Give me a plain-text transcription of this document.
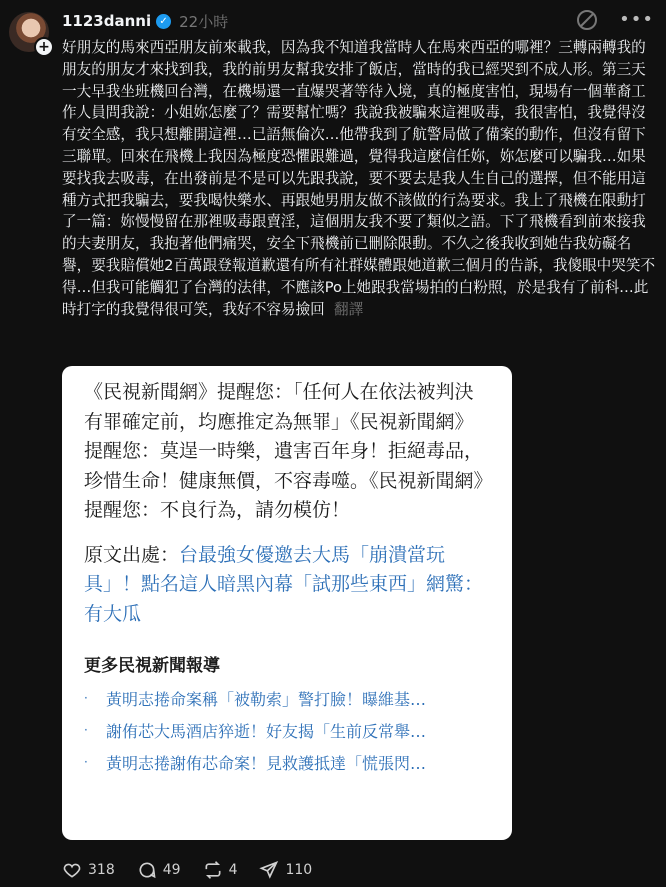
+
1123danni ✓ 22小時	•••
好朋友的馬來西亞朋友前來載我，因為我不知道我當時人在馬來西亞的哪裡？三轉兩轉我的朋友的朋友才來找到我，我的前男友幫我安排了飯店，當時的我已經哭到不成人形。第三天一大早我坐班機回台灣，在機場還一直爆哭著等待入境，真的極度害怕，現場有一個華裔工作人員問我說：小姐妳怎麼了？需要幫忙嗎？我說我被騙來這裡吸毒，我很害怕，我覺得沒有安全感，我只想離開這裡…已語無倫次…他帶我到了航警局做了備案的動作，但沒有留下三聯單。回來在飛機上我因為極度恐懼跟難過，覺得我這麼信任妳，妳怎麼可以騙我…如果要找我去吸毒，在出發前是不是可以先跟我說，要不要去是我人生自己的選擇，但不能用這種方式把我騙去，要我喝快樂水、再跟她男朋友做不該做的行為要求。我上了飛機在限動打了一篇：妳慢慢留在那裡吸毒跟賣淫，這個朋友我不要了類似之語。下了飛機看到前來接我的夫妻朋友，我抱著他們痛哭，安全下飛機前已刪除限動。不久之後我收到她告我妨礙名譽，要我賠償她2百萬跟登報道歉還有所有社群媒體跟她道歉三個月的告訴，我傻眼中哭笑不得…但我可能觸犯了台灣的法律，不應該Po上她跟我當場拍的白粉照，於是我有了前科…此時打字的我覺得很可笑，我好不容易撿回 翻譯
《民視新聞網》提醒您：「任何人在依法被判決有罪確定前，均應推定為無罪」《民視新聞網》提醒您：莫逞一時樂，遺害百年身！拒絕毒品，珍惜生命！健康無價，不容毒噬。《民視新聞網》提醒您：不良行為，請勿模仿！
原文出處：台最強女優邀去大馬「崩潰當玩具」！點名這人暗黑內幕「試那些東西」網驚：有大瓜
更多民視新聞報導
·	黃明志捲命案稱「被勒索」警打臉！曝維基…
·	謝侑芯大馬酒店猝逝！好友揭「生前反常舉…
·	黃明志捲謝侑芯命案！見救護抵達「慌張閃…
318	49	4	110
